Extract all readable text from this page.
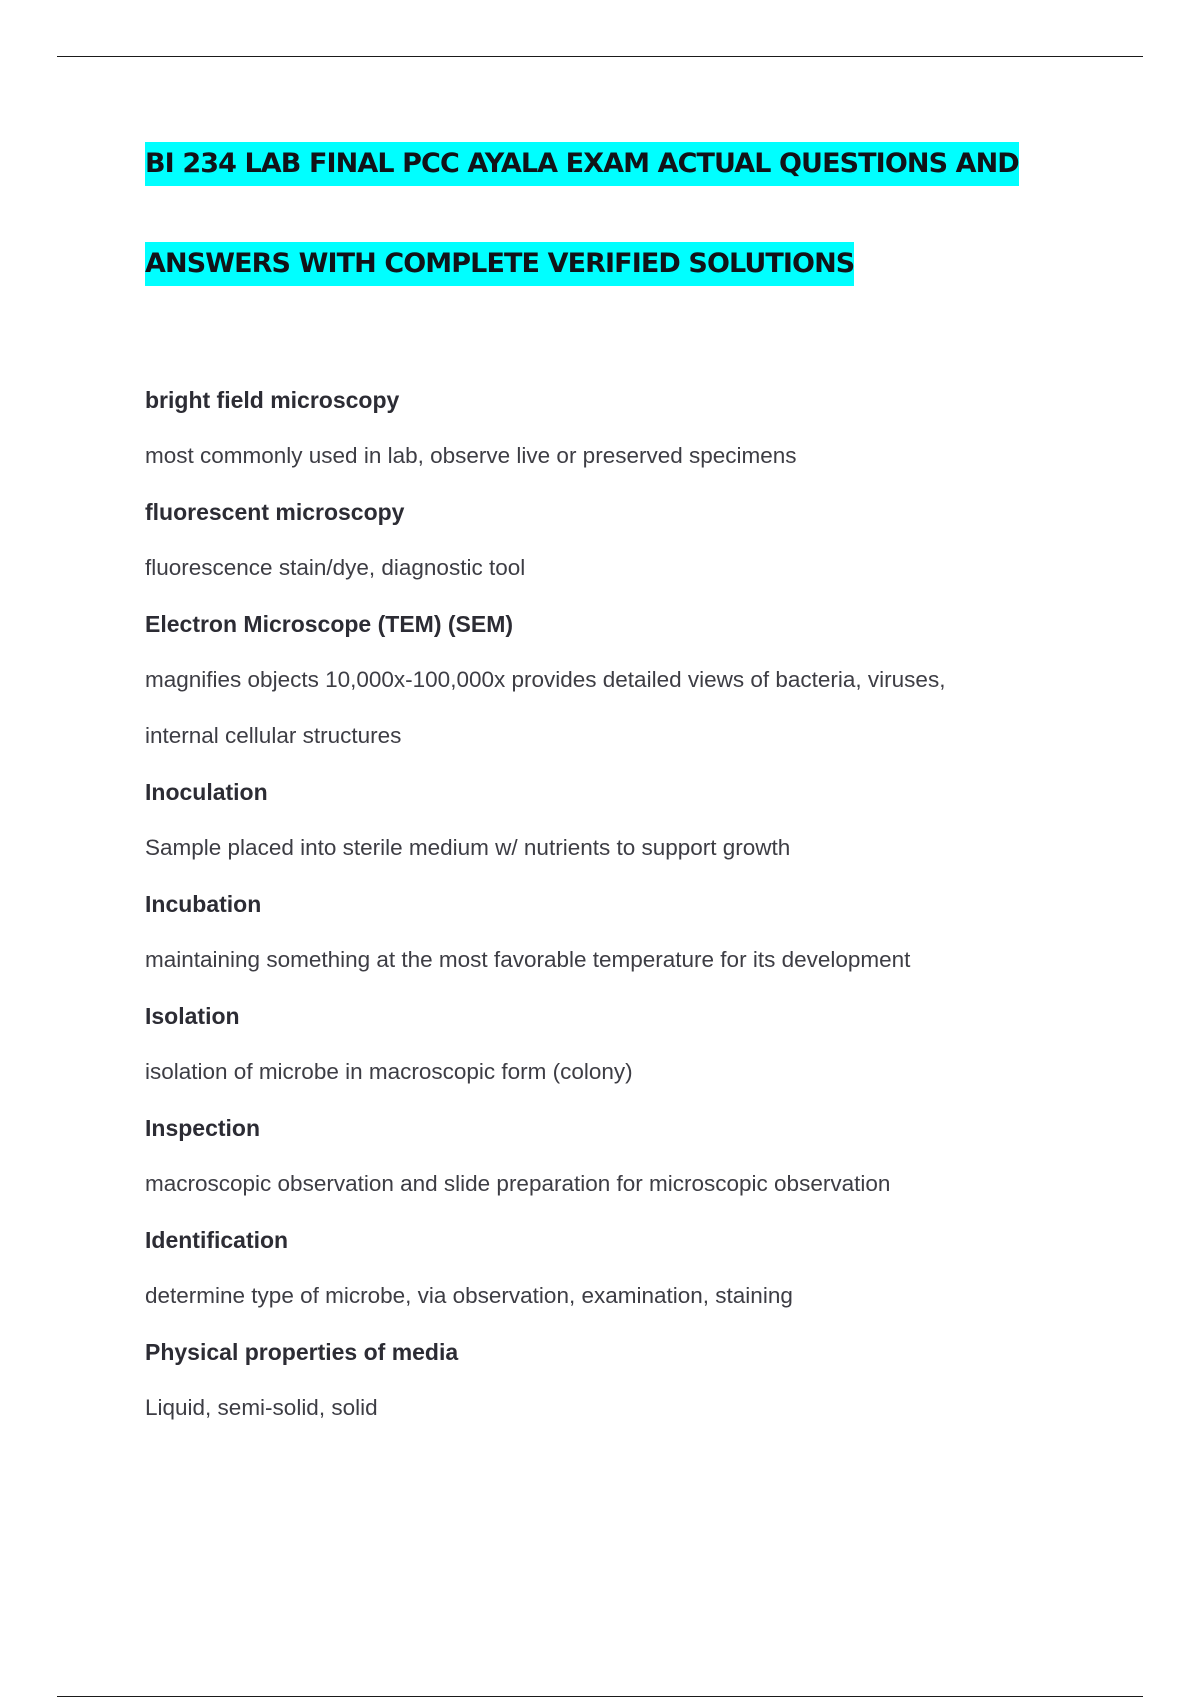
BI 234 LAB FINAL PCC AYALA EXAM ACTUAL QUESTIONS AND
ANSWERS WITH COMPLETE VERIFIED SOLUTIONS

bright field microscopy

most commonly used in lab, observe live or preserved specimens

fluorescent microscopy

fluorescence stain/dye, diagnostic tool

Electron Microscope (TEM) (SEM)

magnifies objects 10,000x-100,000x provides detailed views of bacteria, viruses,

internal cellular structures

Inoculation

Sample placed into sterile medium w/ nutrients to support growth

Incubation

maintaining something at the most favorable temperature for its development

Isolation

isolation of microbe in macroscopic form (colony)

Inspection

macroscopic observation and slide preparation for microscopic observation

Identification

determine type of microbe, via observation, examination, staining

Physical properties of media

Liquid, semi-solid, solid
